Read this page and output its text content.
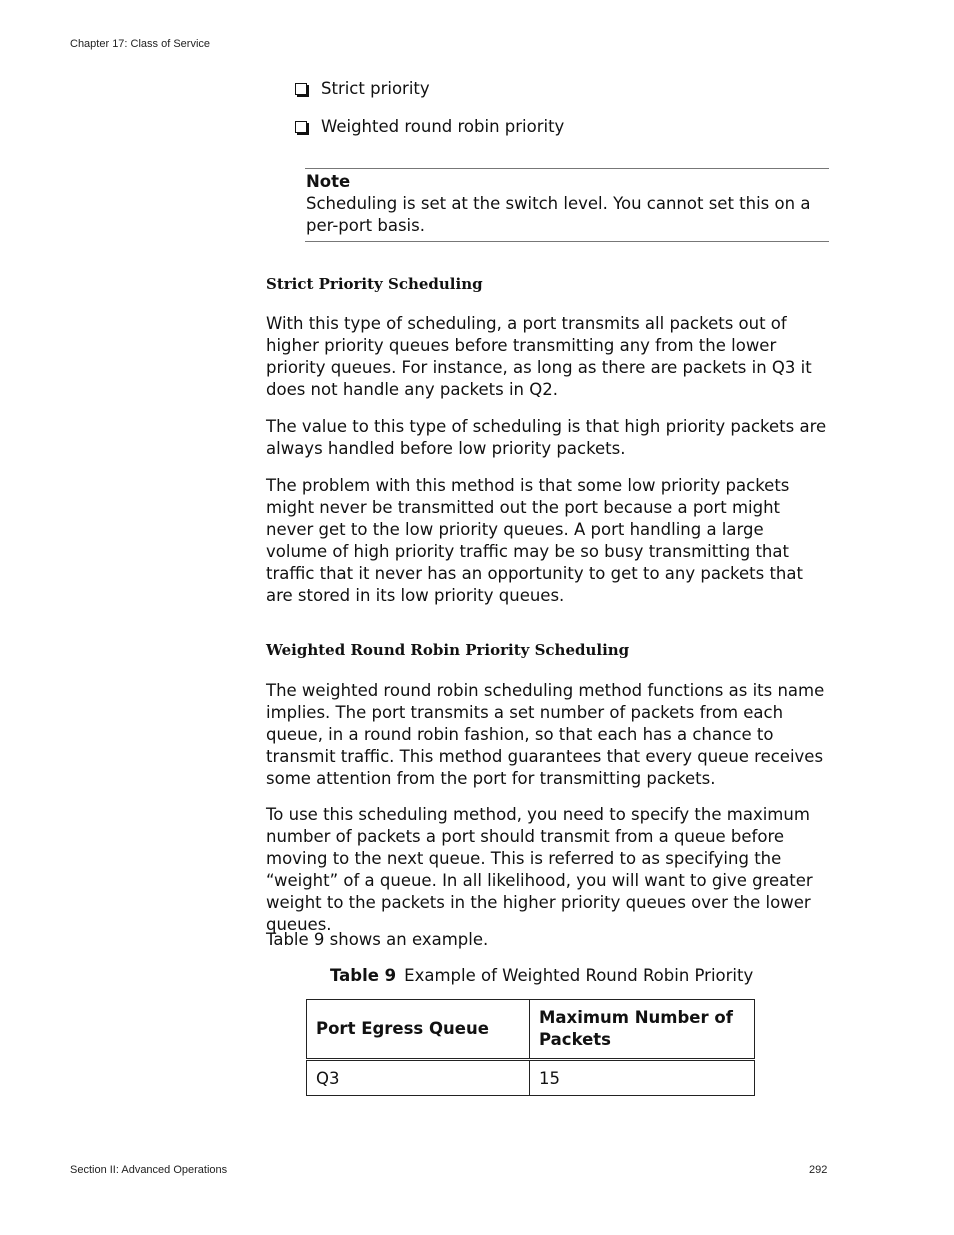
Chapter 17: Class of Service
Strict priority
Weighted round robin priority
Note
Scheduling is set at the switch level. You cannot set this on a per-port basis.
Strict Priority Scheduling

With this type of scheduling, a port transmits all packets out of higher priority queues before transmitting any from the lower priority queues. For instance, as long as there are packets in Q3 it does not handle any packets in Q2.

The value to this type of scheduling is that high priority packets are always handled before low priority packets.

The problem with this method is that some low priority packets might never be transmitted out the port because a port might never get to the low priority queues. A port handling a large volume of high priority traffic may be so busy transmitting that traffic that it never has an opportunity to get to any packets that are stored in its low priority queues.

Weighted Round Robin Priority Scheduling

The weighted round robin scheduling method functions as its name implies. The port transmits a set number of packets from each queue, in a round robin fashion, so that each has a chance to transmit traffic. This method guarantees that every queue receives some attention from the port for transmitting packets.

To use this scheduling method, you need to specify the maximum number of packets a port should transmit from a queue before moving to the next queue. This is referred to as specifying the “weight” of a queue. In all likelihood, you will want to give greater weight to the packets in the higher priority queues over the lower queues.

Table 9 shows an example.

Table 9 Example of Weighted Round Robin Priority
Port Egress Queue	Maximum Number of Packets
Q3	15
Section II: Advanced Operations	292
